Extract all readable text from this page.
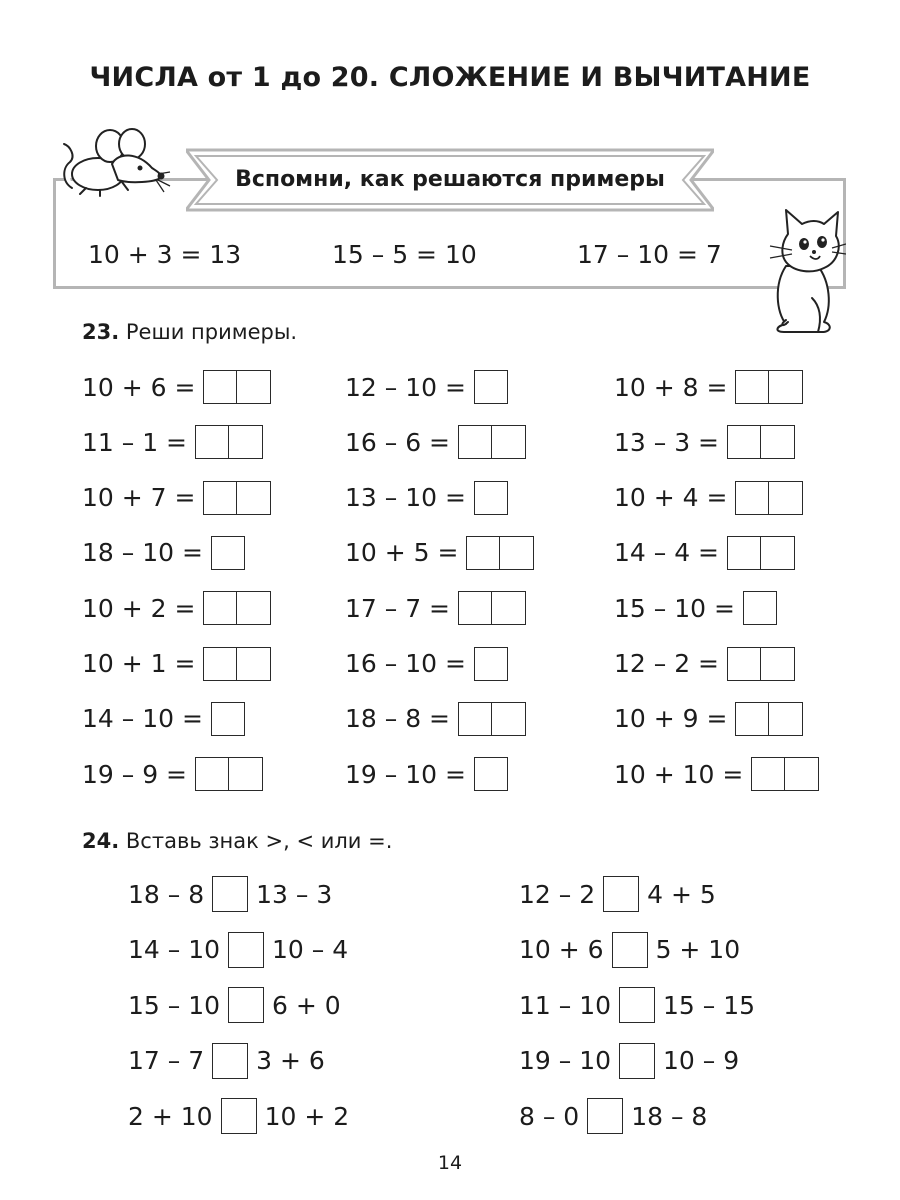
ЧИСЛА от 1 до 20. СЛОЖЕНИЕ И ВЫЧИТАНИЕ
Вспомни, как решаются примеры
10 + 3 = 13	15 – 5 = 10	17 – 10 = 7
23. Реши примеры.
10 + 6 =
11 – 1 =
10 + 7 =
18 – 10 =
10 + 2 =
10 + 1 =
14 – 10 =
19 – 9 =
12 – 10 =
16 – 6 =
13 – 10 =
10 + 5 =
17 – 7 =
16 – 10 =
18 – 8 =
19 – 10 =
10 + 8 =
13 – 3 =
10 + 4 =
14 – 4 =
15 – 10 =
12 – 2 =
10 + 9 =
10 + 10 =
24. Вставь знак >, < или =.
18 – 8 13 – 3
14 – 10 10 – 4
15 – 10 6 + 0
17 – 7 3 + 6
2 + 10 10 + 2
12 – 2 4 + 5
10 + 6 5 + 10
11 – 10 15 – 15
19 – 10 10 – 9
8 – 0 18 – 8
14
